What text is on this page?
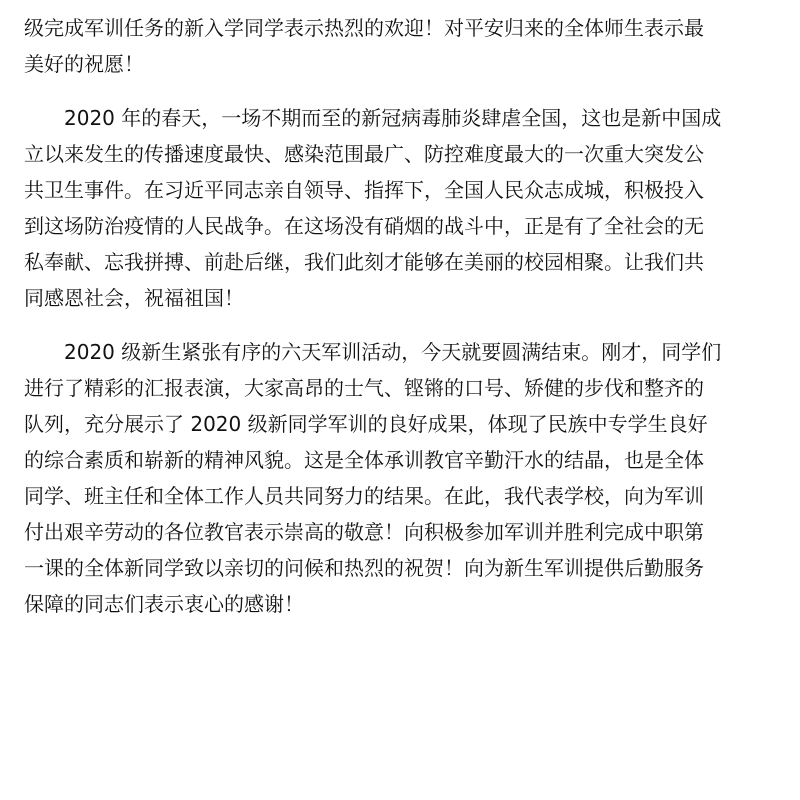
级完成军训任务的新入学同学表示热烈的欢迎！对平安归来的全体师生表示最
美好的祝愿！
2020 年的春天，一场不期而至的新冠病毒肺炎肆虐全国，这也是新中国成
立以来发生的传播速度最快、感染范围最广、防控难度最大的一次重大突发公
共卫生事件。在习近平同志亲自领导、指挥下，全国人民众志成城，积极投入
到这场防治疫情的人民战争。在这场没有硝烟的战斗中，正是有了全社会的无
私奉献、忘我拼搏、前赴后继，我们此刻才能够在美丽的校园相聚。让我们共
同感恩社会，祝福祖国！
2020 级新生紧张有序的六天军训活动，今天就要圆满结束。刚才，同学们
进行了精彩的汇报表演，大家高昂的士气、铿锵的口号、矫健的步伐和整齐的
队列，充分展示了 2020 级新同学军训的良好成果，体现了民族中专学生良好
的综合素质和崭新的精神风貌。这是全体承训教官辛勤汗水的结晶，也是全体
同学、班主任和全体工作人员共同努力的结果。在此，我代表学校，向为军训
付出艰辛劳动的各位教官表示崇高的敬意！向积极参加军训并胜利完成中职第
一课的全体新同学致以亲切的问候和热烈的祝贺！向为新生军训提供后勤服务
保障的同志们表示衷心的感谢！
